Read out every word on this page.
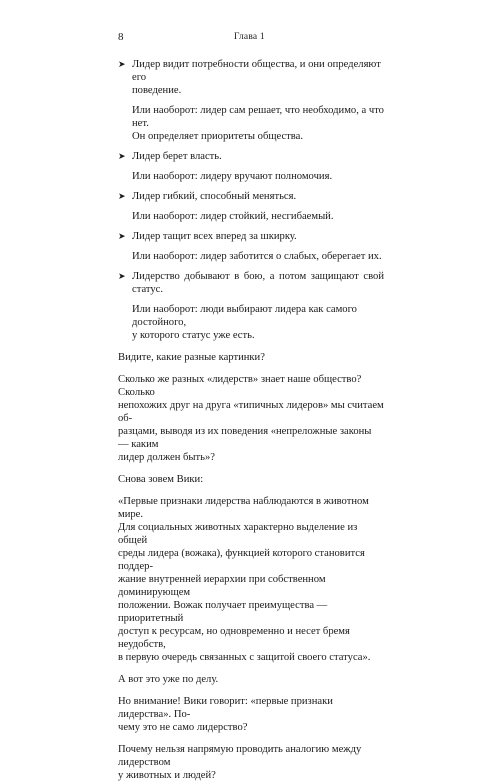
8	Глава 1
➤ Лидер видит потребности общества, и они определяют его

поведение.

Или наоборот: лидер сам решает, что необходимо, а что нет.

Он определяет приоритеты общества.

➤ Лидер берет власть.

Или наоборот: лидеру вручают полномочия.

➤ Лидер гибкий, способный меняться.

Или наоборот: лидер стойкий, несгибаемый.

➤ Лидер тащит всех вперед за шкирку.

Или наоборот: лидер заботится о слабых, оберегает их.

➤ Лидерство добывают в бою, а потом защищают свой статус.

Или наоборот: люди выбирают лидера как самого достойного,

у которого статус уже есть.

Видите, какие разные картинки?

Сколько же разных «лидерств» знает наше общество? Сколько

непохожих друг на друга «типичных лидеров» мы считаем об-

разцами, выводя из их поведения «непреложные законы — каким

лидер должен быть»?

Снова зовем Вики:

«Первые признаки лидерства наблюдаются в животном мире.

Для социальных животных характерно выделение из общей

среды лидера (вожака), функцией которого становится поддер-

жание внутренней иерархии при собственном доминирующем

положении. Вожак получает преимущества — приоритетный

доступ к ресурсам, но одновременно и несет бремя неудобств,

в первую очередь связанных с защитой своего статуса».

А вот это уже по делу.

Но внимание! Вики говорит: «первые признаки лидерства». По-

чему это не само лидерство?

Почему нельзя напрямую проводить аналогию между лидерством

у животных и людей?
